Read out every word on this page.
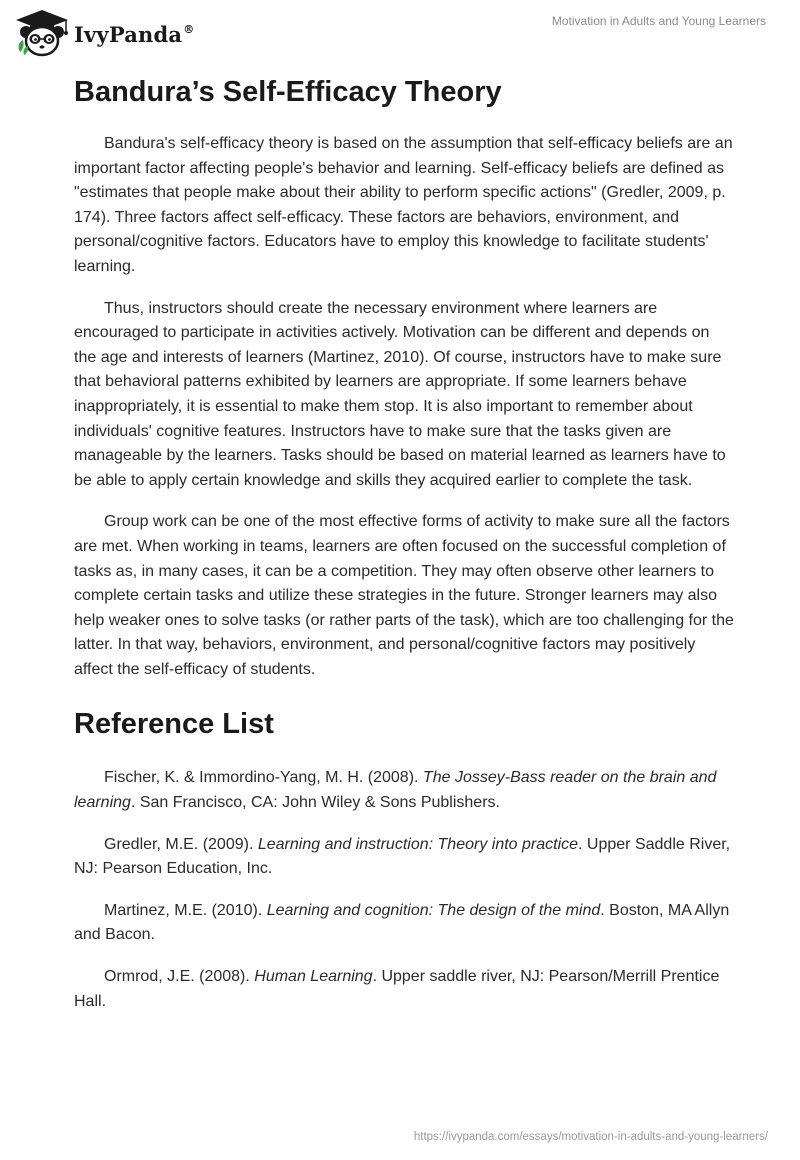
IvyPanda®
Motivation in Adults and Young Learners
Bandura’s Self-Efficacy Theory

Bandura's self-efficacy theory is based on the assumption that self-efficacy beliefs are an important factor affecting people's behavior and learning. Self-efficacy beliefs are defined as "estimates that people make about their ability to perform specific actions" (Gredler, 2009, p. 174). Three factors affect self-efficacy. These factors are behaviors, environment, and personal/cognitive factors. Educators have to employ this knowledge to facilitate students' learning.

Thus, instructors should create the necessary environment where learners are encouraged to participate in activities actively. Motivation can be different and depends on the age and interests of learners (Martinez, 2010). Of course, instructors have to make sure that behavioral patterns exhibited by learners are appropriate. If some learners behave inappropriately, it is essential to make them stop. It is also important to remember about individuals' cognitive features. Instructors have to make sure that the tasks given are manageable by the learners. Tasks should be based on material learned as learners have to be able to apply certain knowledge and skills they acquired earlier to complete the task.

Group work can be one of the most effective forms of activity to make sure all the factors are met. When working in teams, learners are often focused on the successful completion of tasks as, in many cases, it can be a competition. They may often observe other learners to complete certain tasks and utilize these strategies in the future. Stronger learners may also help weaker ones to solve tasks (or rather parts of the task), which are too challenging for the latter. In that way, behaviors, environment, and personal/cognitive factors may positively affect the self-efficacy of students.

Reference List

Fischer, K. & Immordino-Yang, M. H. (2008). The Jossey-Bass reader on the brain and learning. San Francisco, CA: John Wiley & Sons Publishers.

Gredler, M.E. (2009). Learning and instruction: Theory into practice. Upper Saddle River, NJ: Pearson Education, Inc.

Martinez, M.E. (2010). Learning and cognition: The design of the mind. Boston, MA Allyn and Bacon.

Ormrod, J.E. (2008). Human Learning. Upper saddle river, NJ: Pearson/Merrill Prentice Hall.

https://ivypanda.com/essays/motivation-in-adults-and-young-learners/
